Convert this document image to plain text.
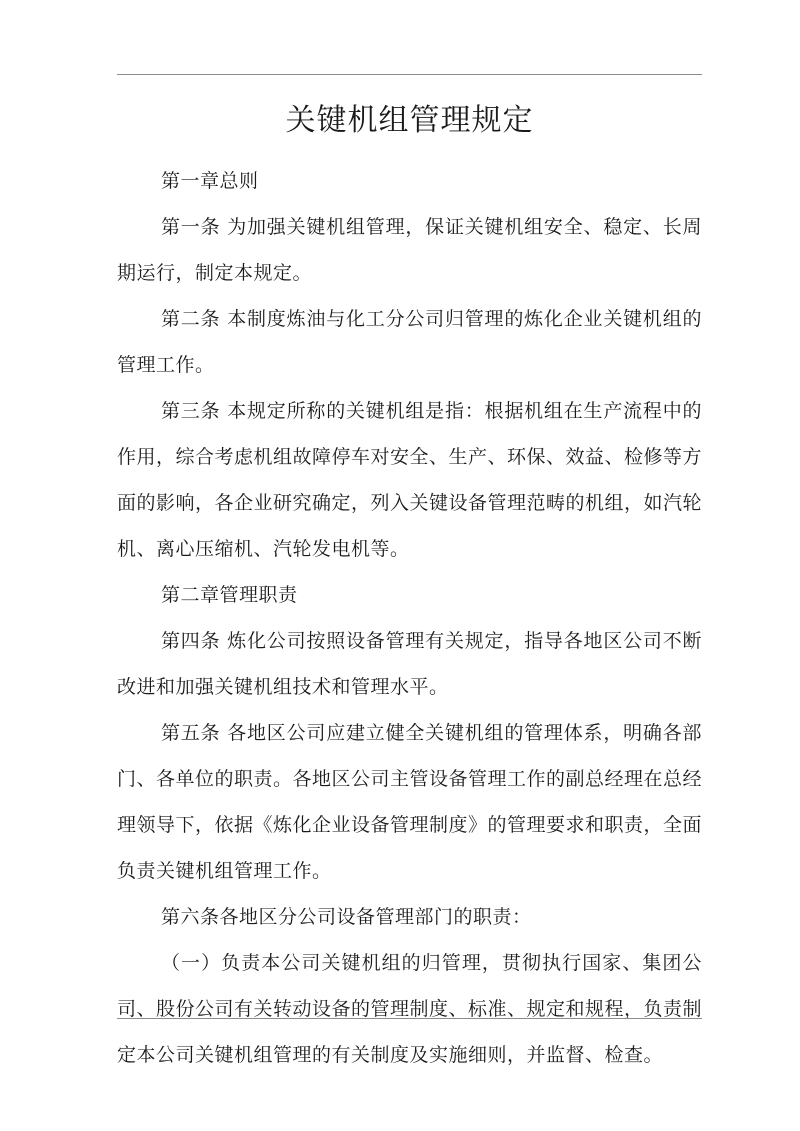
关键机组管理规定

第一章总则

第一条 为加强关键机组管理，保证关键机组安全、稳定、长周期运行，制定本规定。

第二条 本制度炼油与化工分公司归管理的炼化企业关键机组的管理工作。

第三条 本规定所称的关键机组是指：根据机组在生产流程中的作用，综合考虑机组故障停车对安全、生产、环保、效益、检修等方面的影响，各企业研究确定，列入关键设备管理范畴的机组，如汽轮机、离心压缩机、汽轮发电机等。

第二章管理职责

第四条 炼化公司按照设备管理有关规定，指导各地区公司不断改进和加强关键机组技术和管理水平。

第五条 各地区公司应建立健全关键机组的管理体系，明确各部门、各单位的职责。各地区公司主管设备管理工作的副总经理在总经理领导下，依据《炼化企业设备管理制度》的管理要求和职责，全面负责关键机组管理工作。

第六条各地区分公司设备管理部门的职责：

（一）负责本公司关键机组的归管理，贯彻执行国家、集团公司、股份公司有关转动设备的管理制度、标准、规定和规程，负责制定本公司关键机组管理的有关制度及实施细则，并监督、检查。
